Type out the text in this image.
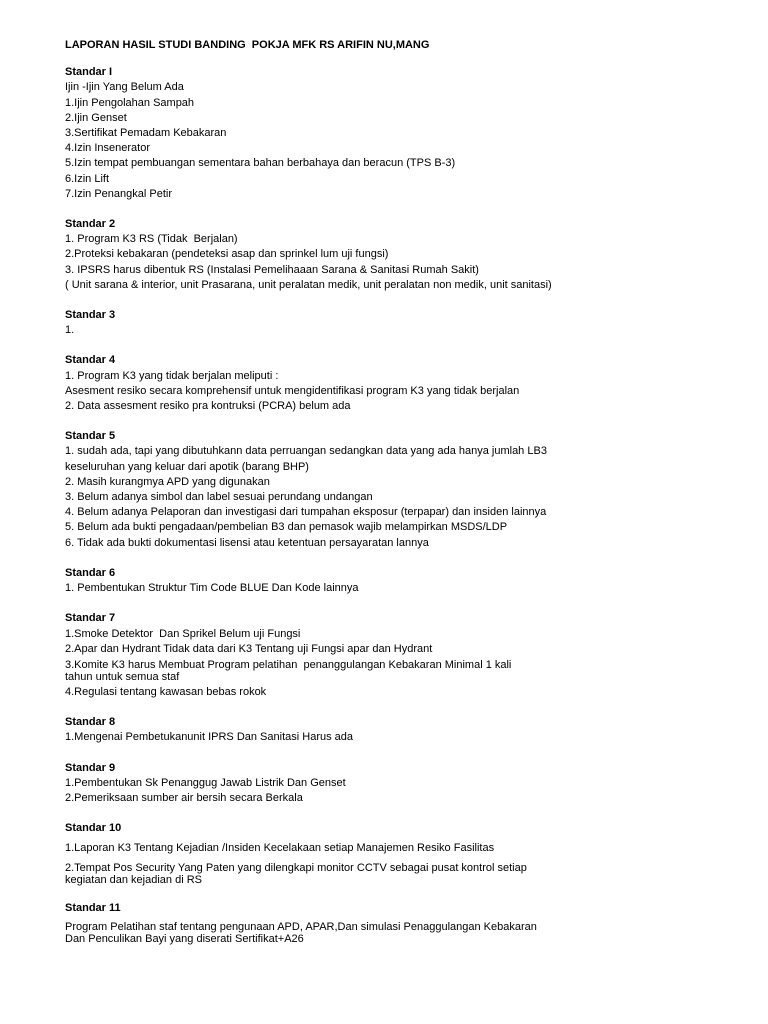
LAPORAN HASIL STUDI BANDING  POKJA MFK RS ARIFIN NU,MANG
Standar I
Ijin -Ijin Yang Belum Ada
1.Ijin Pengolahan Sampah
2.Ijin Genset
3.Sertifikat Pemadam Kebakaran
4.Izin Insenerator
5.Izin tempat pembuangan sementara bahan berbahaya dan beracun (TPS B-3)
6.Izin Lift
7.Izin Penangkal Petir
Standar 2
1. Program K3 RS (Tidak  Berjalan)
2.Proteksi kebakaran (pendeteksi asap dan sprinkel lum uji fungsi)
3. IPSRS harus dibentuk RS (Instalasi Pemelihaaan Sarana & Sanitasi Rumah Sakit)
( Unit sarana & interior, unit Prasarana, unit peralatan medik, unit peralatan non medik, unit sanitasi)
Standar 3
1.
Standar 4
1. Program K3 yang tidak berjalan meliputi :
Asesment resiko secara komprehensif untuk mengidentifikasi program K3 yang tidak berjalan
2. Data assesment resiko pra kontruksi (PCRA) belum ada
Standar 5
1. sudah ada, tapi yang dibutuhkann data perruangan sedangkan data yang ada hanya jumlah LB3
keseluruhan yang keluar dari apotik (barang BHP)
2. Masih kurangmya APD yang digunakan
3. Belum adanya simbol dan label sesuai perundang undangan
4. Belum adanya Pelaporan dan investigasi dari tumpahan eksposur (terpapar) dan insiden lainnya
5. Belum ada bukti pengadaan/pembelian B3 dan pemasok wajib melampirkan MSDS/LDP
6. Tidak ada bukti dokumentasi lisensi atau ketentuan persayaratan lannya
Standar 6
1. Pembentukan Struktur Tim Code BLUE Dan Kode lainnya
Standar 7
1.Smoke Detektor  Dan Sprikel Belum uji Fungsi
2.Apar dan Hydrant Tidak data dari K3 Tentang uji Fungsi apar dan Hydrant
3.Komite K3 harus Membuat Program pelatihan  penanggulangan Kebakaran Minimal 1 kali
tahun untuk semua staf
4.Regulasi tentang kawasan bebas rokok
Standar 8
1.Mengenai Pembetukanunit IPRS Dan Sanitasi Harus ada
Standar 9
1.Pembentukan Sk Penanggug Jawab Listrik Dan Genset
2.Pemeriksaan sumber air bersih secara Berkala
Standar 10
1.Laporan K3 Tentang Kejadian /Insiden Kecelakaan setiap Manajemen Resiko Fasilitas
2.Tempat Pos Security Yang Paten yang dilengkapi monitor CCTV sebagai pusat kontrol setiap
kegiatan dan kejadian di RS
Standar 11
Program Pelatihan staf tentang pengunaan APD, APAR,Dan simulasi Penaggulangan Kebakaran
Dan Penculikan Bayi yang diserati Sertifikat+A26
